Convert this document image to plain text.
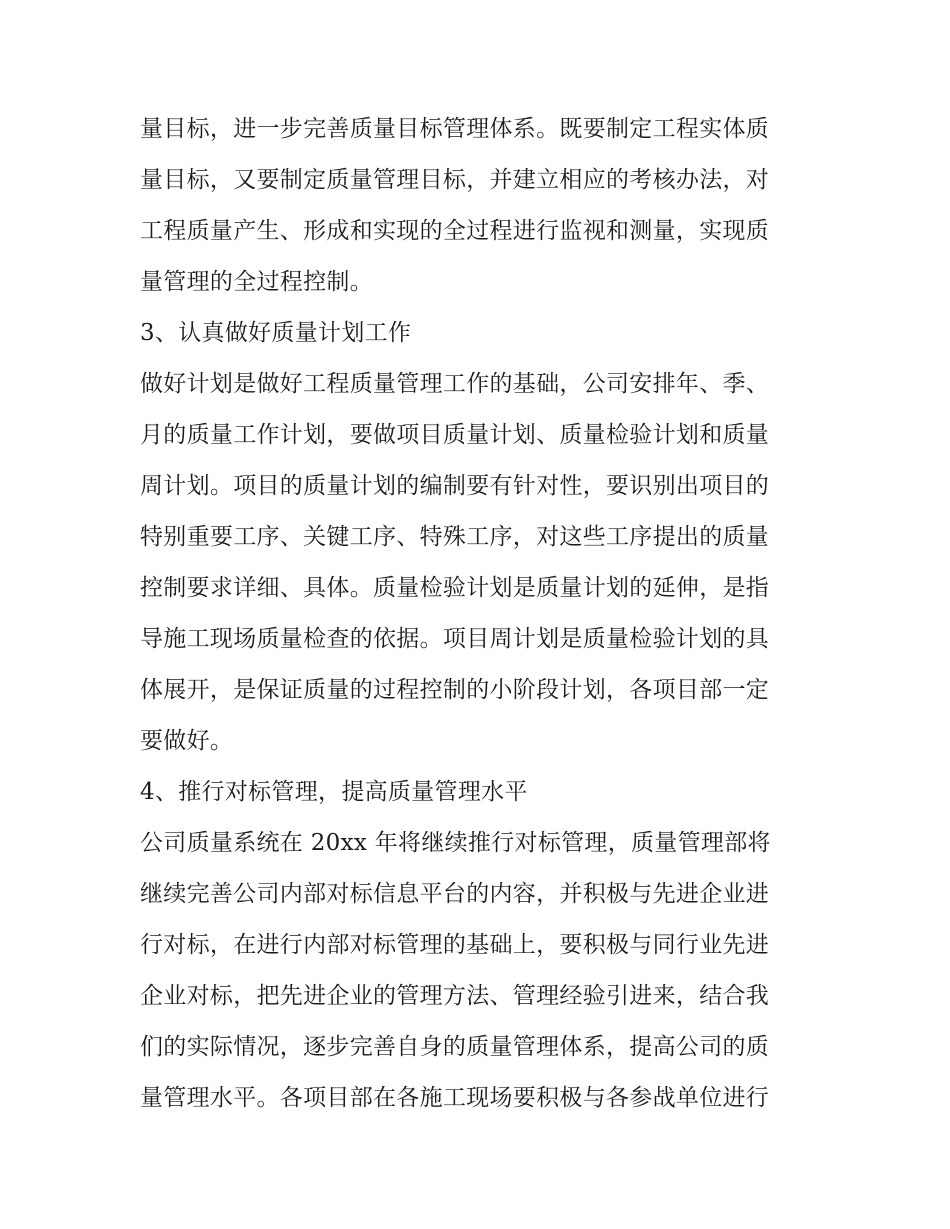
量目标，进一步完善质量目标管理体系。既要制定工程实体质
量目标，又要制定质量管理目标，并建立相应的考核办法，对
工程质量产生、形成和实现的全过程进行监视和测量，实现质
量管理的全过程控制。
3、认真做好质量计划工作
做好计划是做好工程质量管理工作的基础，公司安排年、季、
月的质量工作计划，要做项目质量计划、质量检验计划和质量
周计划。项目的质量计划的编制要有针对性，要识别出项目的
特别重要工序、关键工序、特殊工序，对这些工序提出的质量
控制要求详细、具体。质量检验计划是质量计划的延伸，是指
导施工现场质量检查的依据。项目周计划是质量检验计划的具
体展开，是保证质量的过程控制的小阶段计划，各项目部一定
要做好。
4、推行对标管理，提高质量管理水平
公司质量系统在 20xx 年将继续推行对标管理，质量管理部将
继续完善公司内部对标信息平台的内容，并积极与先进企业进
行对标，在进行内部对标管理的基础上，要积极与同行业先进
企业对标，把先进企业的管理方法、管理经验引进来，结合我
们的实际情况，逐步完善自身的质量管理体系，提高公司的质
量管理水平。各项目部在各施工现场要积极与各参战单位进行
